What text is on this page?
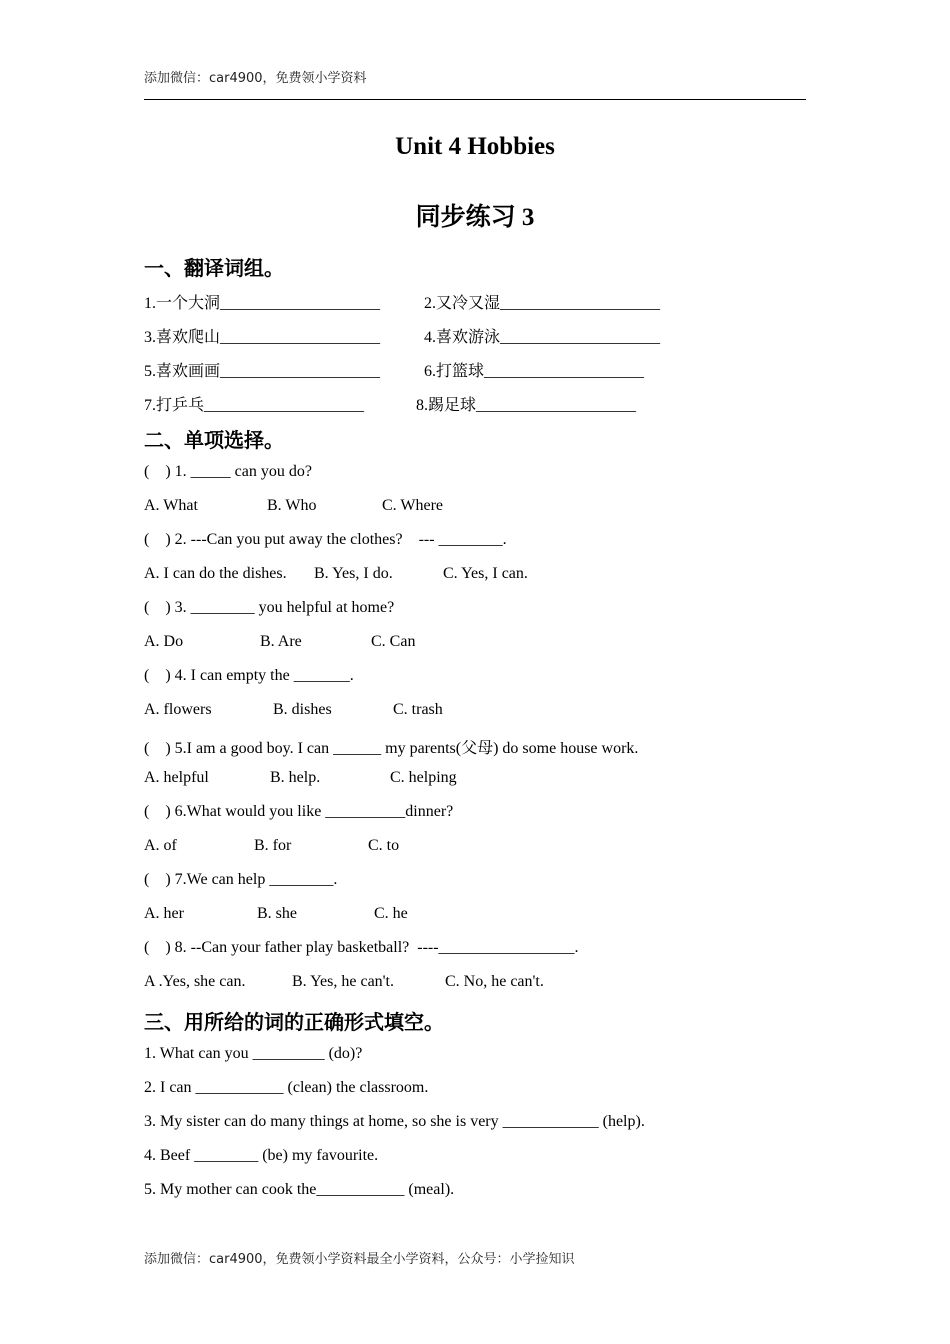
添加微信：car4900，免费领小学资料
Unit 4 Hobbies
同步练习 3
一、翻译词组。
1.一个大洞____________________	2.又冷又湿____________________
3.喜欢爬山____________________	4.喜欢游泳____________________
5.喜欢画画____________________	6.打篮球____________________
7.打乒乓____________________	8.踢足球____________________
二、单项选择。
(    ) 1. _____ can you do?
A. What	B. Who	C. Where
(    ) 2. ---Can you put away the clothes?    --- ________.
A. I can do the dishes. B. Yes, I do.	C. Yes, I can.
(    ) 3. ________ you helpful at home?
A. Do	B. Are	C. Can
(    ) 4. I can empty the _______.
A. flowers	B. dishes	C. trash
(    ) 5.I am a good boy. I can ______ my parents(父母) do some house work.
A. helpful	B. help.	C. helping
(    ) 6.What would you like __________dinner?
A. of	B. for	C. to
(    ) 7.We can help ________.
A. her	B. she	C. he
(    ) 8. --Can your father play basketball?  ----_________________.
A .Yes, she can.	B. Yes, he can't.	C. No, he can't.
三、用所给的词的正确形式填空。
1. What can you _________ (do)?
2. I can ___________ (clean) the classroom.
3. My sister can do many things at home, so she is very ____________ (help).
4. Beef ________ (be) my favourite.
5. My mother can cook the___________ (meal).
添加微信：car4900，免费领小学资料最全小学资料，公众号：小学捡知识
